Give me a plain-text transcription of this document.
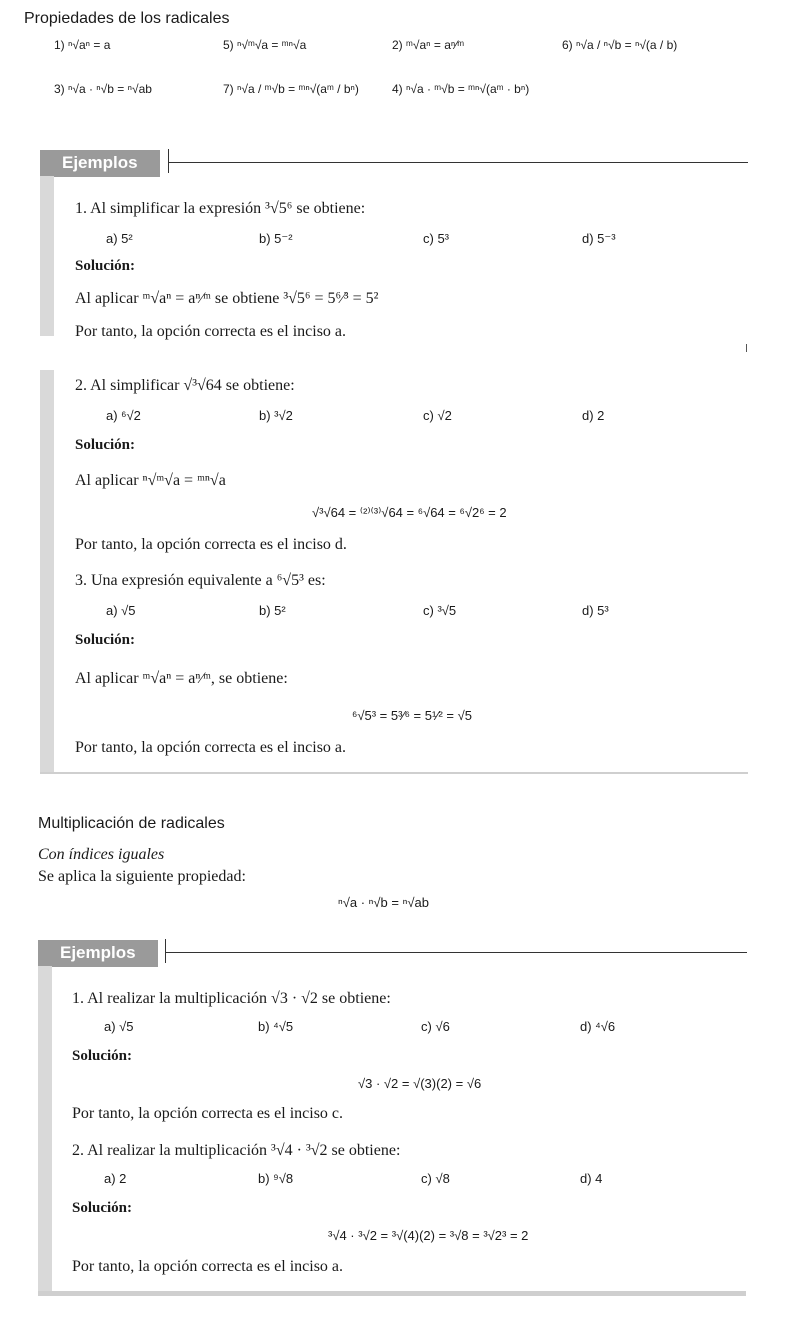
Propiedades de los radicales
1) ⁿ√aⁿ = a	5) ⁿ√ᵐ√a = ᵐⁿ√a	2) ᵐ√aⁿ = aⁿ⁄ᵐ	6) ⁿ√a / ⁿ√b = ⁿ√(a / b)
3) ⁿ√a · ⁿ√b = ⁿ√ab	7) ⁿ√a / ᵐ√b = ᵐⁿ√(aᵐ / bⁿ)	4) ⁿ√a · ᵐ√b = ᵐⁿ√(aᵐ · bⁿ)
Ejemplos
1. Al simplificar la expresión ³√5⁶ se obtiene:
a) 5²	b) 5⁻²	c) 5³	d) 5⁻³
Solución:
Al aplicar ᵐ√aⁿ = aⁿ⁄ᵐ se obtiene ³√5⁶ = 5⁶⁄³ = 5²
Por tanto, la opción correcta es el inciso a.
2. Al simplificar √³√64 se obtiene:
a) ⁶√2	b) ³√2	c) √2	d) 2
Solución:
Al aplicar ⁿ√ᵐ√a = ᵐⁿ√a
√³√64 = ⁽²⁾⁽³⁾√64 = ⁶√64 = ⁶√2⁶ = 2
Por tanto, la opción correcta es el inciso d.
3. Una expresión equivalente a ⁶√5³ es:
a) √5	b) 5²	c) ³√5	d) 5³
Solución:
Al aplicar ᵐ√aⁿ = aⁿ⁄ᵐ, se obtiene:
⁶√5³ = 5³⁄⁶ = 5¹⁄² = √5
Por tanto, la opción correcta es el inciso a.
Multiplicación de radicales
Con índices iguales
Se aplica la siguiente propiedad:
ⁿ√a · ⁿ√b = ⁿ√ab
Ejemplos
1. Al realizar la multiplicación √3 · √2 se obtiene:
a) √5	b) ⁴√5	c) √6	d) ⁴√6
Solución:
√3 · √2 = √(3)(2) = √6
Por tanto, la opción correcta es el inciso c.
2. Al realizar la multiplicación ³√4 · ³√2 se obtiene:
a) 2	b) ⁹√8	c) √8	d) 4
Solución:
³√4 · ³√2 = ³√(4)(2) = ³√8 = ³√2³ = 2
Por tanto, la opción correcta es el inciso a.
